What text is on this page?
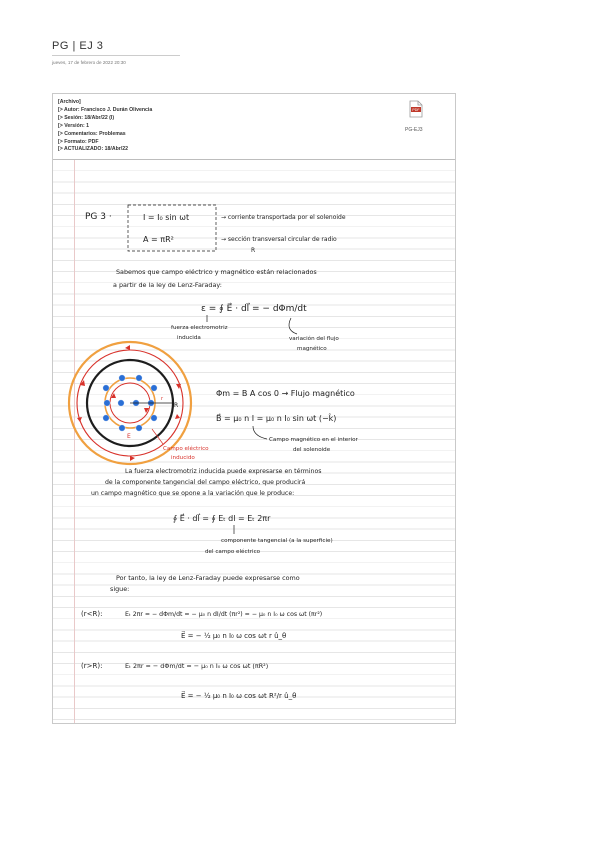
PG | EJ 3
jueves, 17 de febrero de 2022 20:30
[Archivo]
[> Autor: Francisco J. Durán Olivencia
[> Sesión: 18/Abr/22 (I)
[> Versión: 1
[> Comentarios: Problemas
[> Formato: PDF
[> ACTUALIZADO: 18/Abr/22
PDF
PG-EJ3
PG 3 ·	I = I₀ sin ωt	→ corriente transportada por el solenoide
A = πR²	→ sección transversal circular de radio
R
Sabemos que campo eléctrico y magnético están relacionados
a partir de la ley de Lenz-Faraday:
ε = ∮ E⃗ · dl⃗ = − dΦm/dt
fuerza electromotriz
inducida	variación del flujo
magnético
R
r
E
Campo eléctrico
inducido
Φm = B A cos 0 → Flujo magnético
B⃗ = μ₀ n I = μ₀ n I₀ sin ωt (−k̂)
Campo magnético en el interior
del solenoide
La fuerza electromotriz inducida puede expresarse en términos
de la componente tangencial del campo eléctrico, que producirá
un campo magnético que se opone a la variación que le produce:
∮ E⃗ · dl⃗ = ∮ Eₜ dl = Eₜ 2πr
componente tangencial (a la superficie)
del campo eléctrico
Por tanto, la ley de Lenz-Faraday puede expresarse como
sigue:
(r<R):	Eₜ 2πr = − dΦm/dt = − μ₀ n dI/dt (πr²) = − μ₀ n I₀ ω cos ωt (πr²)
E⃗ = − ½ μ₀ n I₀ ω cos ωt r û_θ
(r>R):	Eₜ 2πr = − dΦm/dt = − μ₀ n I₀ ω cos ωt (πR²)
E⃗ = − ½ μ₀ n I₀ ω cos ωt R²/r û_θ
